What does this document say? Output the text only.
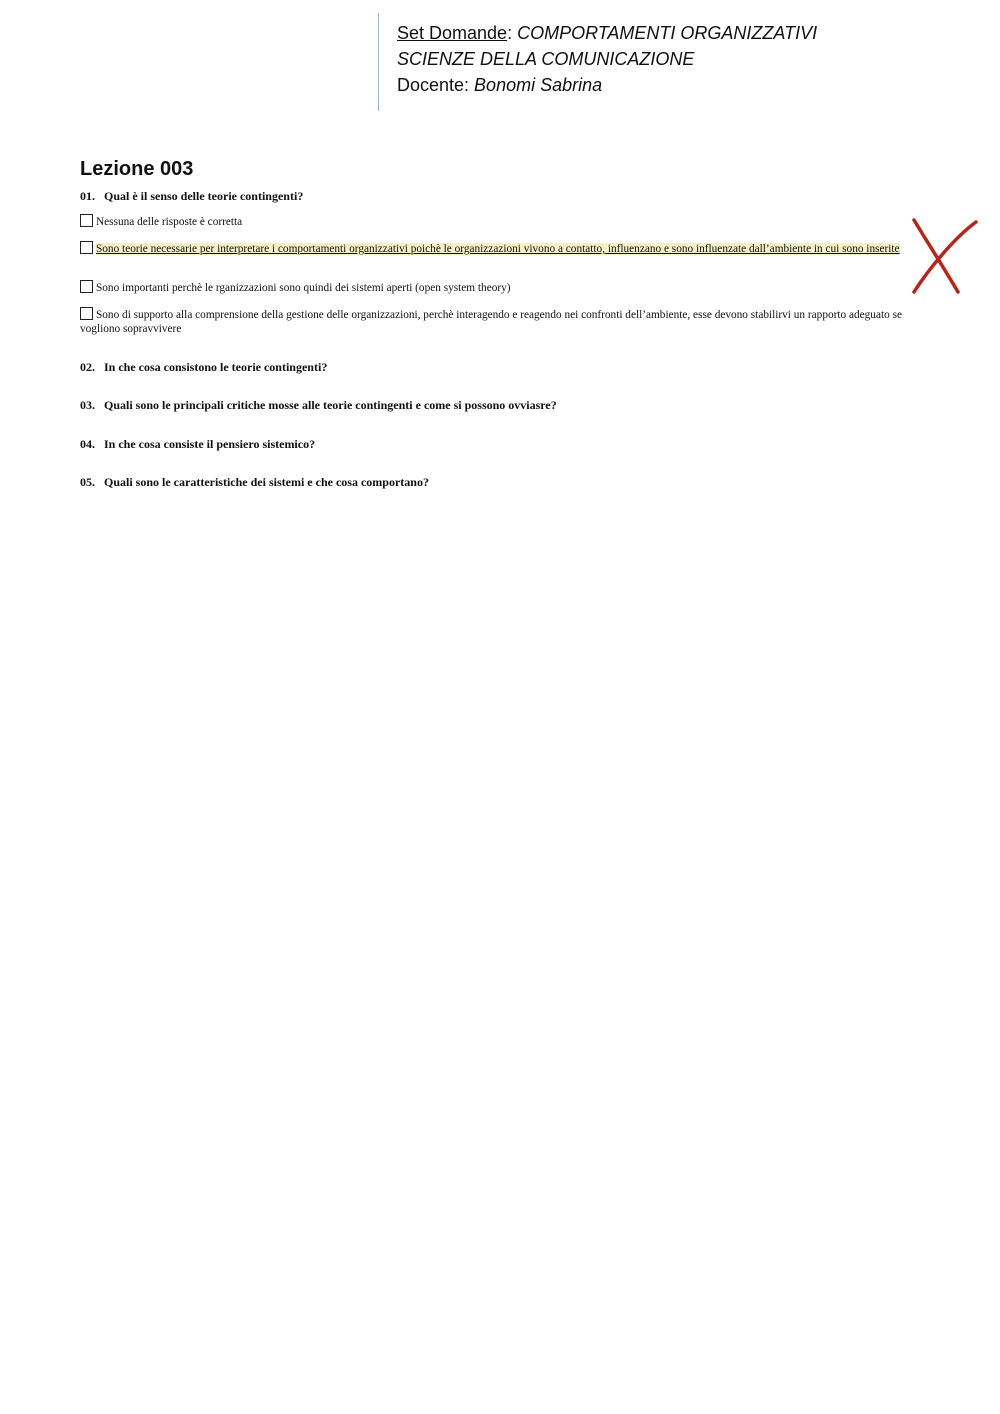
Set Domande: COMPORTAMENTI ORGANIZZATIVI
SCIENZE DELLA COMUNICAZIONE
Docente: Bonomi Sabrina
Lezione 003
01. Qual è il senso delle teorie contingenti?
Nessuna delle risposte è corretta
Sono teorie necessarie per interpretare i comportamenti organizzativi poichè le organizzazioni vivono a contatto, influenzano e sono influenzate dall’ambiente in cui sono inserite
Sono importanti perchè le rganizzazioni sono quindi dei sistemi aperti (open system theory)
Sono di supporto alla comprensione della gestione delle organizzazioni, perchè interagendo e reagendo nei confronti dell’ambiente, esse devono stabilirvi un rapporto adeguato se vogliono sopravvivere
02. In che cosa consistono le teorie contingenti?
03. Quali sono le principali critiche mosse alle teorie contingenti e come si possono ovviasre?
04. In che cosa consiste il pensiero sistemico?
05. Quali sono le caratteristiche dei sistemi e che cosa comportano?
